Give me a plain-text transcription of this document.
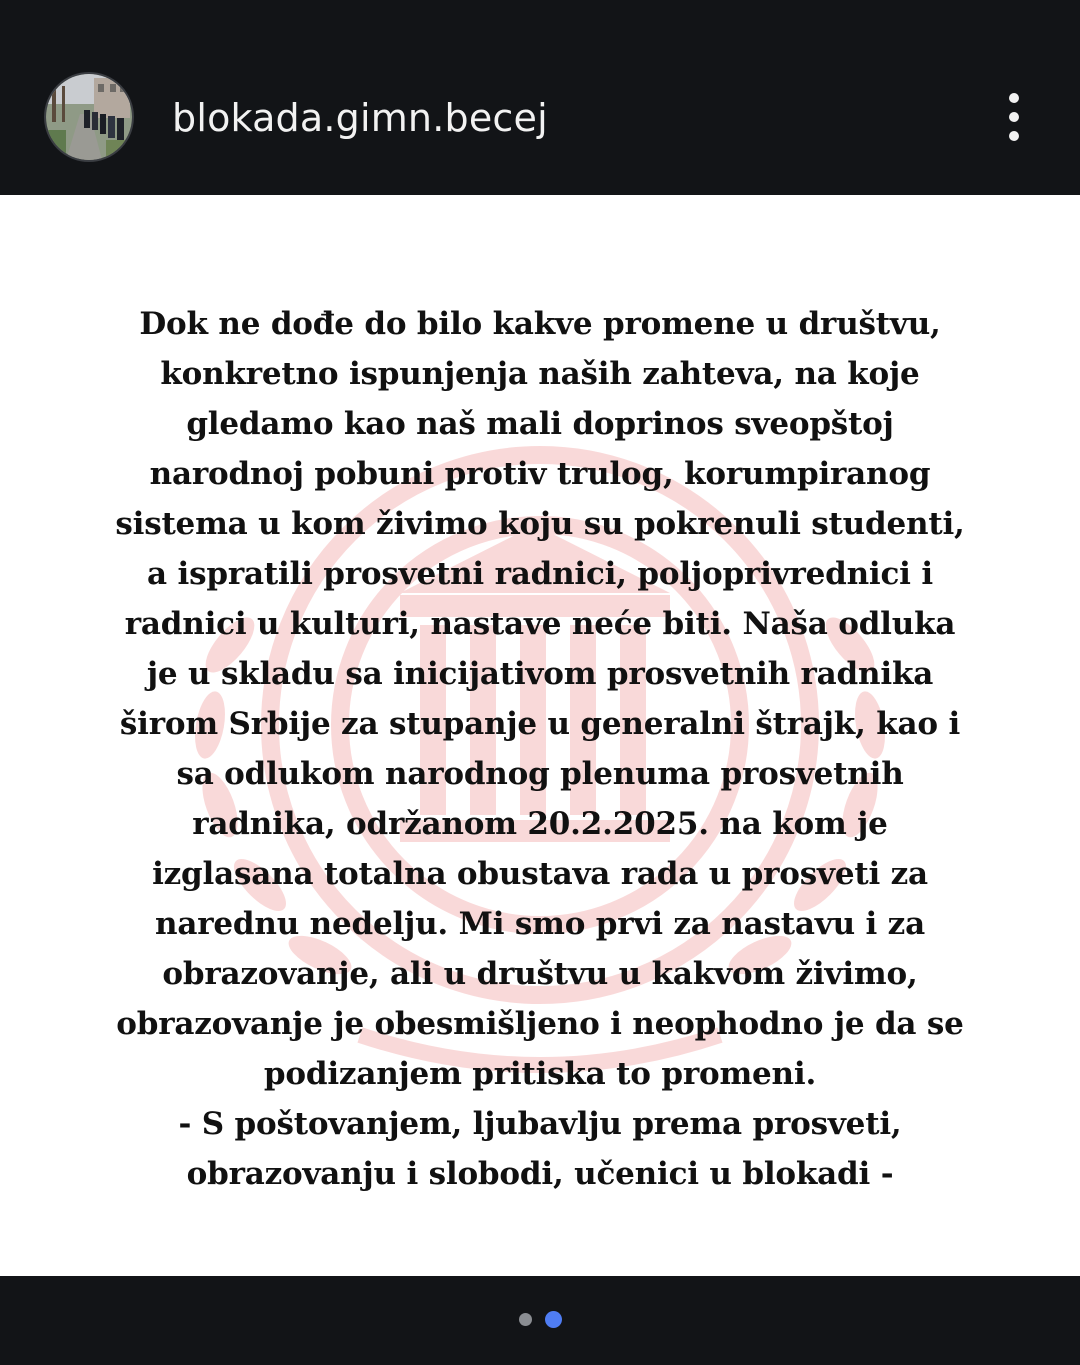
blokada.gimn.becej

Dok ne dođe do bilo kakve promene u društvu,
konkretno ispunjenja naših zahteva, na koje
gledamo kao naš mali doprinos sveopštoj
narodnoj pobuni protiv trulog, korumpiranog
sistema u kom živimo koju su pokrenuli studenti,
a ispratili prosvetni radnici, poljoprivrednici i
radnici u kulturi, nastave neće biti. Naša odluka
je u skladu sa inicijativom prosvetnih radnika
širom Srbije za stupanje u generalni štrajk, kao i
sa odlukom narodnog plenuma prosvetnih
radnika, održanom 20.2.2025. na kom je
izglasana totalna obustava rada u prosveti za
narednu nedelju. Mi smo prvi za nastavu i za
obrazovanje, ali u društvu u kakvom živimo,
obrazovanje je obesmišljeno i neophodno je da se
podizanjem pritiska to promeni.
- S poštovanjem, ljubavlju prema prosveti,
obrazovanju i slobodi, učenici u blokadi -
